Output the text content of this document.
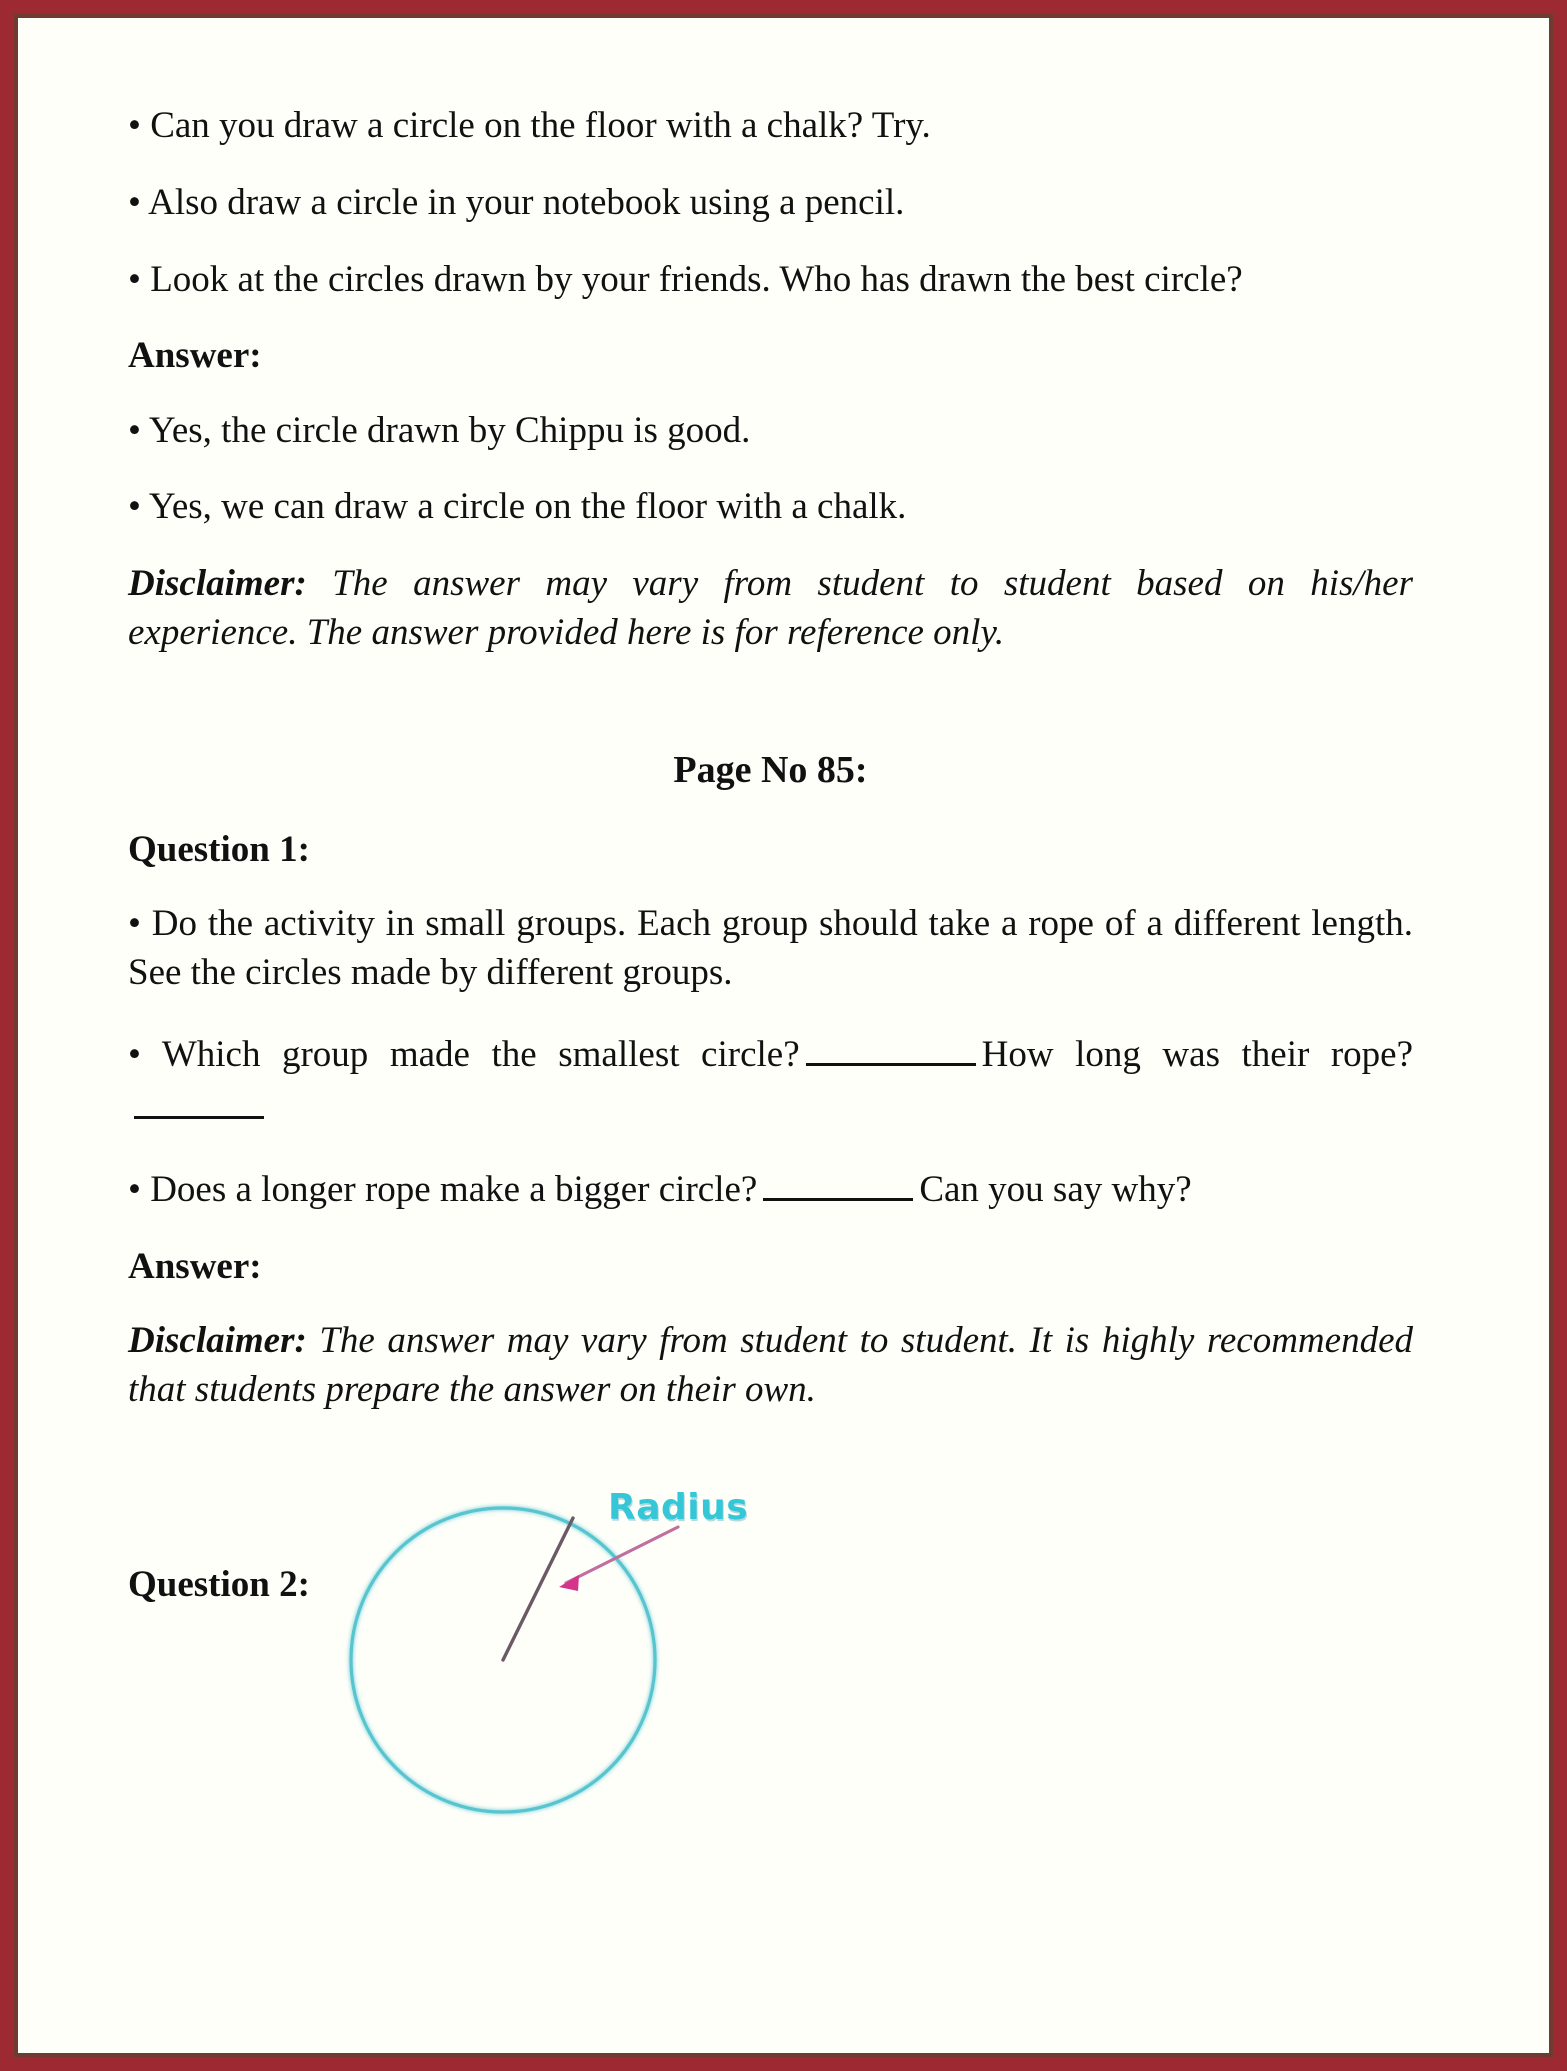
• Can you draw a circle on the floor with a chalk? Try.

• Also draw a circle in your notebook using a pencil.

• Look at the circles drawn by your friends. Who has drawn the best circle?

Answer:

• Yes, the circle drawn by Chippu is good.

• Yes, we can draw a circle on the floor with a chalk.

Disclaimer: The answer may vary from student to student based on his/her experience. The answer provided here is for reference only.

Page No 85:

Question 1:

• Do the activity in small groups. Each group should take a rope of a different length. See the circles made by different groups.

• Which group made the smallest circle?	How long was their rope?

• Does a longer rope make a bigger circle?	Can you say why?

Answer:

Disclaimer: The answer may vary from student to student. It is highly recommended that students prepare the answer on their own.

Question 2:
Radius
